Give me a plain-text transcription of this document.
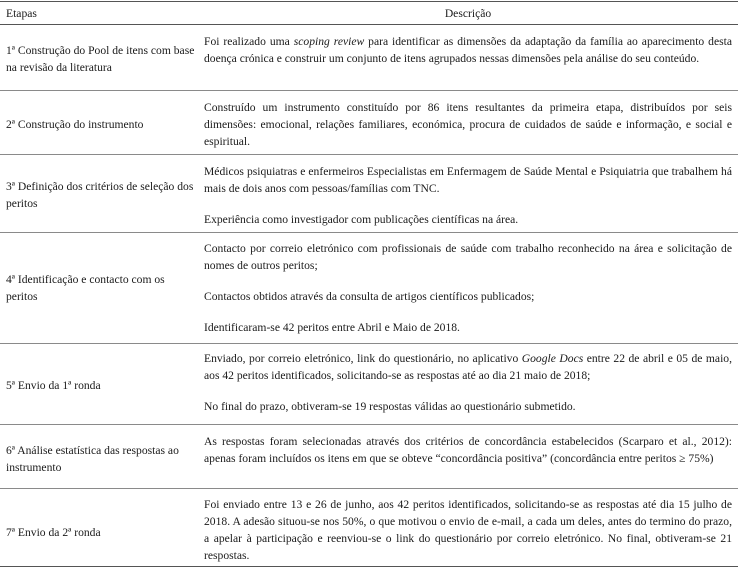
Etapas	Descrição
1ª Construção do Pool de itens com base na revisão da literatura

Foi realizado uma scoping review para identificar as dimensões da adaptação da família ao aparecimento desta doença crónica e construir um conjunto de itens agrupados nessas dimensões pela análise do seu conteúdo.

2ª Construção do instrumento

Construído um instrumento constituído por 86 itens resultantes da primeira etapa, distribuídos por seis dimensões: emocional, relações familiares, económica, procura de cuidados de saúde e informação, e social e espiritual.

3ª Definição dos critérios de seleção dos peritos

Médicos psiquiatras e enfermeiros Especialistas em Enfermagem de Saúde Mental e Psiquiatria que trabalhem há mais de dois anos com pessoas/famílias com TNC.

Experiência como investigador com publicações científicas na área.

4ª Identificação e contacto com os peritos

Contacto por correio eletrónico com profissionais de saúde com trabalho reconhecido na área e solicitação de nomes de outros peritos;

Contactos obtidos através da consulta de artigos científicos publicados;

Identificaram-se 42 peritos entre Abril e Maio de 2018.

5ª Envio da 1ª ronda

Enviado, por correio eletrónico, link do questionário, no aplicativo Google Docs entre 22 de abril e 05 de maio, aos 42 peritos identificados, solicitando-se as respostas até ao dia 21 maio de 2018;

No final do prazo, obtiveram-se 19 respostas válidas ao questionário submetido.

6ª Análise estatística das respostas ao instrumento

As respostas foram selecionadas através dos critérios de concordância estabelecidos (Scarparo et al., 2012): apenas foram incluídos os itens em que se obteve “concordância positiva” (concordância entre peritos ≥ 75%)

7ª Envio da 2ª ronda

Foi enviado entre 13 e 26 de junho, aos 42 peritos identificados, solicitando-se as respostas até dia 15 julho de 2018. A adesão situou-se nos 50%, o que motivou o envio de e-mail, a cada um deles, antes do termino do prazo, a apelar à participação e reenviou-se o link do questionário por correio eletrónico. No final, obtiveram-se 21 respostas.
